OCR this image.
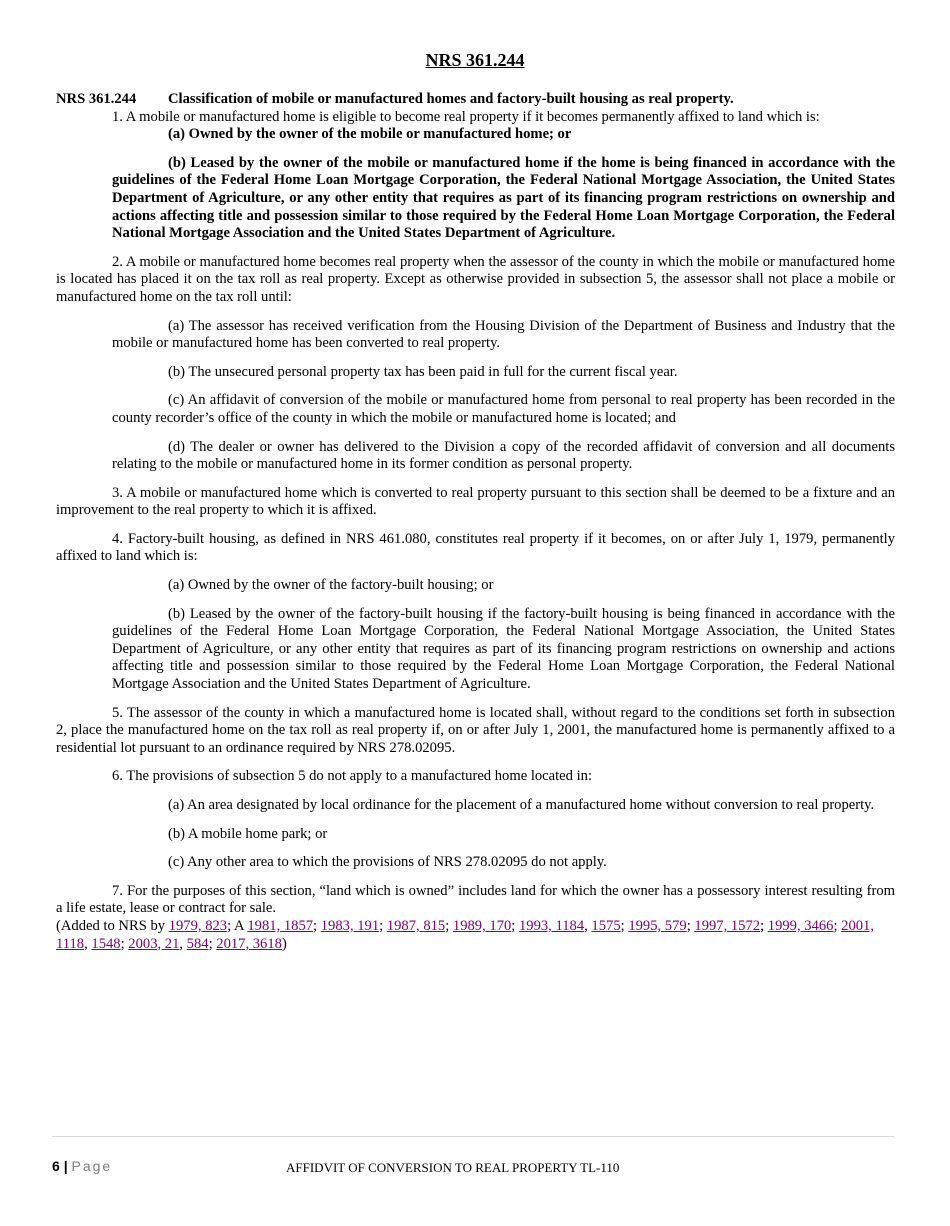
NRS 361.244

NRS 361.244 Classification of mobile or manufactured homes and factory-built housing as real property.

1. A mobile or manufactured home is eligible to become real property if it becomes permanently affixed to land which is:

(a) Owned by the owner of the mobile or manufactured home; or

(b) Leased by the owner of the mobile or manufactured home if the home is being financed in accordance with the guidelines of the Federal Home Loan Mortgage Corporation, the Federal National Mortgage Association, the United States Department of Agriculture, or any other entity that requires as part of its financing program restrictions on ownership and actions affecting title and possession similar to those required by the Federal Home Loan Mortgage Corporation, the Federal National Mortgage Association and the United States Department of Agriculture.

2. A mobile or manufactured home becomes real property when the assessor of the county in which the mobile or manufactured home is located has placed it on the tax roll as real property. Except as otherwise provided in subsection 5, the assessor shall not place a mobile or manufactured home on the tax roll until:

(a) The assessor has received verification from the Housing Division of the Department of Business and Industry that the mobile or manufactured home has been converted to real property.

(b) The unsecured personal property tax has been paid in full for the current fiscal year.

(c) An affidavit of conversion of the mobile or manufactured home from personal to real property has been recorded in the county recorder’s office of the county in which the mobile or manufactured home is located; and

(d) The dealer or owner has delivered to the Division a copy of the recorded affidavit of conversion and all documents relating to the mobile or manufactured home in its former condition as personal property.

3. A mobile or manufactured home which is converted to real property pursuant to this section shall be deemed to be a fixture and an improvement to the real property to which it is affixed.

4. Factory-built housing, as defined in NRS 461.080, constitutes real property if it becomes, on or after July 1, 1979, permanently affixed to land which is:

(a) Owned by the owner of the factory-built housing; or

(b) Leased by the owner of the factory-built housing if the factory-built housing is being financed in accordance with the guidelines of the Federal Home Loan Mortgage Corporation, the Federal National Mortgage Association, the United States Department of Agriculture, or any other entity that requires as part of its financing program restrictions on ownership and actions affecting title and possession similar to those required by the Federal Home Loan Mortgage Corporation, the Federal National Mortgage Association and the United States Department of Agriculture.

5. The assessor of the county in which a manufactured home is located shall, without regard to the conditions set forth in subsection 2, place the manufactured home on the tax roll as real property if, on or after July 1, 2001, the manufactured home is permanently affixed to a residential lot pursuant to an ordinance required by NRS 278.02095.

6. The provisions of subsection 5 do not apply to a manufactured home located in:

(a) An area designated by local ordinance for the placement of a manufactured home without conversion to real property.

(b) A mobile home park; or

(c) Any other area to which the provisions of NRS 278.02095 do not apply.

7. For the purposes of this section, “land which is owned” includes land for which the owner has a possessory interest resulting from a life estate, lease or contract for sale.

(Added to NRS by 1979, 823; A 1981, 1857; 1983, 191; 1987, 815; 1989, 170; 1993, 1184, 1575; 1995, 579; 1997, 1572; 1999, 3466; 2001, 1118, 1548; 2003, 21, 584; 2017, 3618)

6 | Page	AFFIDVIT OF CONVERSION TO REAL PROPERTY TL-110
